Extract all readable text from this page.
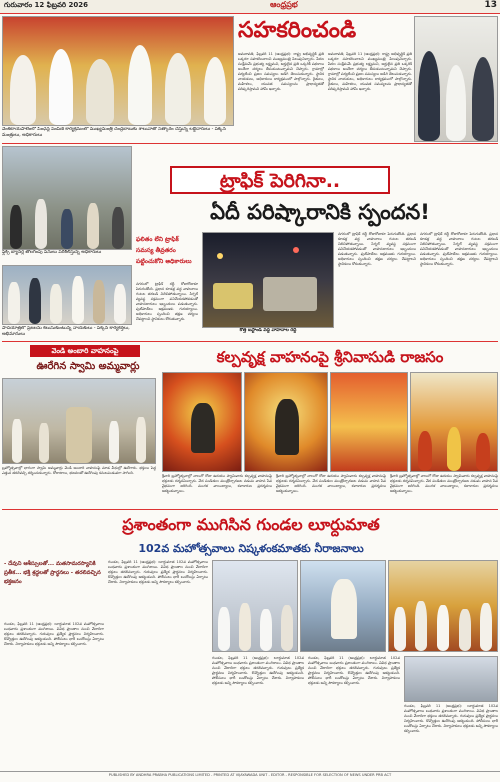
గురువారం 12 ఫిబ్రవరి 2026	ఆంధ్రప్రభ	13
వెంకటాయపాలెంలో పింఛన్ల పంపిణీ కార్యక్రమంలో ముఖ్యమంత్రి చంద్రబాబుకు శాలువాతో సత్కారం చేస్తున్న లబ్దిదారులు - పక్కన మంత్రులు, అధికారులు
సహకరించండి
అమరావతి, ఫిబ్రవరి 11 (ఆంధ్రప్రభ): రాష్ట్ర అభివృద్ధికి ప్రతి ఒక్కరూ సహకరించాలని ముఖ్యమంత్రి పిలుపునిచ్చారు. పేదల సంక్షేమమే ప్రభుత్వ లక్ష్యమని, అర్హులైన ప్రతి ఒక్కరికీ పథకాలు అందేలా చర్యలు తీసుకుంటున్నామని చెప్పారు. గ్రామాల్లో పర్యటించి ప్రజల సమస్యలు అడిగి తెలుసుకున్నారు. స్థానిక నాయకులు, అధికారులు కార్యక్రమంలో పాల్గొన్నారు. రైతులు, మహిళలు, యువత సమస్యలను ప్రాధాన్యతతో పరిష్కరిస్తామని హామీ ఇచ్చారు.
అమరావతి, ఫిబ్రవరి 11 (ఆంధ్రప్రభ): రాష్ట్ర అభివృద్ధికి ప్రతి ఒక్కరూ సహకరించాలని ముఖ్యమంత్రి పిలుపునిచ్చారు. పేదల సంక్షేమమే ప్రభుత్వ లక్ష్యమని, అర్హులైన ప్రతి ఒక్కరికీ పథకాలు అందేలా చర్యలు తీసుకుంటున్నామని చెప్పారు. గ్రామాల్లో పర్యటించి ప్రజల సమస్యలు అడిగి తెలుసుకున్నారు. స్థానిక నాయకులు, అధికారులు కార్యక్రమంలో పాల్గొన్నారు. రైతులు, మహిళలు, యువత సమస్యలను ప్రాధాన్యతతో పరిష్కరిస్తామని హామీ ఇచ్చారు.
ఫ్లెక్సీ బ్యానర్ల తొలగింపు పనులు పరిశీలిస్తున్న అధికారులు
పాదయాత్రలో ప్రజలను కలుసుకుంటున్న నాయకులు - పక్కన కార్యకర్తలు, అభిమానులు
ట్రాఫిక్ పెరిగినా..
ఏదీ పరిష్కారానికి స్పందన!
ఫలితం లేని ట్రాఫిక్ సమస్య తీవ్రతరం పట్టించుకోని అధికారులు
నగరంలో ట్రాఫిక్ రద్దీ రోజురోజుకూ పెరుగుతోంది. ప్రధాన కూడళ్ల వద్ద వాహనాలు గంటల తరబడి నిలిచిపోతున్నాయి. సిగ్నల్ వ్యవస్థ సక్రమంగా పనిచేయకపోవడంతో వాహనదారులు ఇబ్బందులు పడుతున్నారు. ఫుట్‌పాత్‌లు ఆక్రమణకు గురయ్యాయి. అధికారులు స్పందించి తక్షణ చర్యలు చేపట్టాలని స్థానికులు కోరుతున్నారు.
కొత్త బస్టాండ్ వద్ద వాహనాల రద్దీ
నగరంలో ట్రాఫిక్ రద్దీ రోజురోజుకూ పెరుగుతోంది. ప్రధాన కూడళ్ల వద్ద వాహనాలు గంటల తరబడి నిలిచిపోతున్నాయి. సిగ్నల్ వ్యవస్థ సక్రమంగా పనిచేయకపోవడంతో వాహనదారులు ఇబ్బందులు పడుతున్నారు. ఫుట్‌పాత్‌లు ఆక్రమణకు గురయ్యాయి. అధికారులు స్పందించి తక్షణ చర్యలు చేపట్టాలని స్థానికులు కోరుతున్నారు.
నగరంలో ట్రాఫిక్ రద్దీ రోజురోజుకూ పెరుగుతోంది. ప్రధాన కూడళ్ల వద్ద వాహనాలు గంటల తరబడి నిలిచిపోతున్నాయి. సిగ్నల్ వ్యవస్థ సక్రమంగా పనిచేయకపోవడంతో వాహనదారులు ఇబ్బందులు పడుతున్నారు. ఫుట్‌పాత్‌లు ఆక్రమణకు గురయ్యాయి. అధికారులు స్పందించి తక్షణ చర్యలు చేపట్టాలని స్థానికులు కోరుతున్నారు.
వెండి అంబారి వాహనంపై
ఊరేగిన స్వామి అమ్మవార్లు
బ్రహ్మోత్సవాల్లో భాగంగా స్వామి అమ్మవార్లు వెండి అంబారి వాహనంపై మాడ వీధుల్లో ఊరేగారు. భక్తులు పెద్ద ఎత్తున తరలివచ్చి దర్శించుకున్నారు. కోలాటాలు, భజనలతో ఊరేగింపు కనులపండువగా సాగింది.
కల్పవృక్ష వాహనంపై శ్రీనివాసుడి రాజసం
శ్రీవారి బ్రహ్మోత్సవాల్లో నాలుగో రోజు ఉదయం స్వామివారు కల్పవృక్ష వాహనంపై భక్తులకు దర్శనమిచ్చారు. వేద పండితుల మంత్రోచ్చారణల నడుమ వాహన సేవ వైభవంగా జరిగింది. మంగళ వాయిద్యాలు, కళాకారుల ప్రదర్శనలు ఆకట్టుకున్నాయి.
శ్రీవారి బ్రహ్మోత్సవాల్లో నాలుగో రోజు ఉదయం స్వామివారు కల్పవృక్ష వాహనంపై భక్తులకు దర్శనమిచ్చారు. వేద పండితుల మంత్రోచ్చారణల నడుమ వాహన సేవ వైభవంగా జరిగింది. మంగళ వాయిద్యాలు, కళాకారుల ప్రదర్శనలు ఆకట్టుకున్నాయి.
శ్రీవారి బ్రహ్మోత్సవాల్లో నాలుగో రోజు ఉదయం స్వామివారు కల్పవృక్ష వాహనంపై భక్తులకు దర్శనమిచ్చారు. వేద పండితుల మంత్రోచ్చారణల నడుమ వాహన సేవ వైభవంగా జరిగింది. మంగళ వాయిద్యాలు, కళాకారుల ప్రదర్శనలు ఆకట్టుకున్నాయి.
ప్రశాంతంగా ముగిసిన గుండల లూర్దుమాత
102వ మహోత్సవాలు నిష్కళంకమాతకు నీరాజనాలు
- దేవుని ఆశీస్సులతో... మతసామరస్యానికి ప్రతీక... భక్తి శ్రద్ధలతో ప్రార్థనలు - తరలివచ్చిన భక్తజనం
గుండల, ఫిబ్రవరి 11 (ఆంధ్రప్రభ): లూర్దుమాత 102వ మహోత్సవాలు బుధవారం ప్రశాంతంగా ముగిశాయి. వివిధ ప్రాంతాల నుంచి వేలాదిగా భక్తులు తరలివచ్చారు. గురువులు ప్రత్యేక ప్రార్థనలు నిర్వహించారు. కొవ్వొత్తుల ఊరేగింపు ఆకట్టుకుంది. పోలీసులు భారీ బందోబస్తు ఏర్పాటు చేశారు. నిర్వాహకులు భక్తులకు అన్ని సౌకర్యాలు కల్పించారు.
గుండల, ఫిబ్రవరి 11 (ఆంధ్రప్రభ): లూర్దుమాత 102వ మహోత్సవాలు బుధవారం ప్రశాంతంగా ముగిశాయి. వివిధ ప్రాంతాల నుంచి వేలాదిగా భక్తులు తరలివచ్చారు. గురువులు ప్రత్యేక ప్రార్థనలు నిర్వహించారు. కొవ్వొత్తుల ఊరేగింపు ఆకట్టుకుంది. పోలీసులు భారీ బందోబస్తు ఏర్పాటు చేశారు. నిర్వాహకులు భక్తులకు అన్ని సౌకర్యాలు కల్పించారు.
గుండల, ఫిబ్రవరి 11 (ఆంధ్రప్రభ): లూర్దుమాత 102వ మహోత్సవాలు బుధవారం ప్రశాంతంగా ముగిశాయి. వివిధ ప్రాంతాల నుంచి వేలాదిగా భక్తులు తరలివచ్చారు. గురువులు ప్రత్యేక ప్రార్థనలు నిర్వహించారు. కొవ్వొత్తుల ఊరేగింపు ఆకట్టుకుంది. పోలీసులు భారీ బందోబస్తు ఏర్పాటు చేశారు. నిర్వాహకులు భక్తులకు అన్ని సౌకర్యాలు కల్పించారు.
గుండల, ఫిబ్రవరి 11 (ఆంధ్రప్రభ): లూర్దుమాత 102వ మహోత్సవాలు బుధవారం ప్రశాంతంగా ముగిశాయి. వివిధ ప్రాంతాల నుంచి వేలాదిగా భక్తులు తరలివచ్చారు. గురువులు ప్రత్యేక ప్రార్థనలు నిర్వహించారు. కొవ్వొత్తుల ఊరేగింపు ఆకట్టుకుంది. పోలీసులు భారీ బందోబస్తు ఏర్పాటు చేశారు. నిర్వాహకులు భక్తులకు అన్ని సౌకర్యాలు కల్పించారు.
గుండల, ఫిబ్రవరి 11 (ఆంధ్రప్రభ): లూర్దుమాత 102వ మహోత్సవాలు బుధవారం ప్రశాంతంగా ముగిశాయి. వివిధ ప్రాంతాల నుంచి వేలాదిగా భక్తులు తరలివచ్చారు. గురువులు ప్రత్యేక ప్రార్థనలు నిర్వహించారు. కొవ్వొత్తుల ఊరేగింపు ఆకట్టుకుంది. పోలీసులు భారీ బందోబస్తు ఏర్పాటు చేశారు. నిర్వాహకులు భక్తులకు అన్ని సౌకర్యాలు కల్పించారు.
PUBLISHED BY ANDHRA PRABHA PUBLICATIONS LIMITED - PRINTED AT VIJAYAWADA UNIT - EDITOR - RESPONSIBLE FOR SELECTION OF NEWS UNDER PRB ACT
